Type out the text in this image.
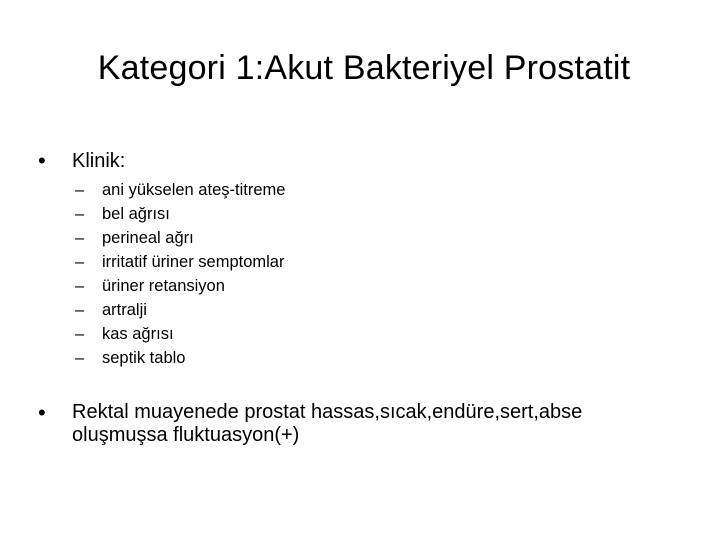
Kategori 1:Akut Bakteriyel Prostatit
• Klinik:
– ani yükselen ateş-titreme
– bel ağrısı
– perineal ağrı
– irritatif üriner semptomlar
– üriner retansiyon
– artralji
– kas ağrısı
– septik tablo
• Rektal muayenede prostat hassas,sıcak,endüre,sert,abse oluşmuşsa fluktuasyon(+)
